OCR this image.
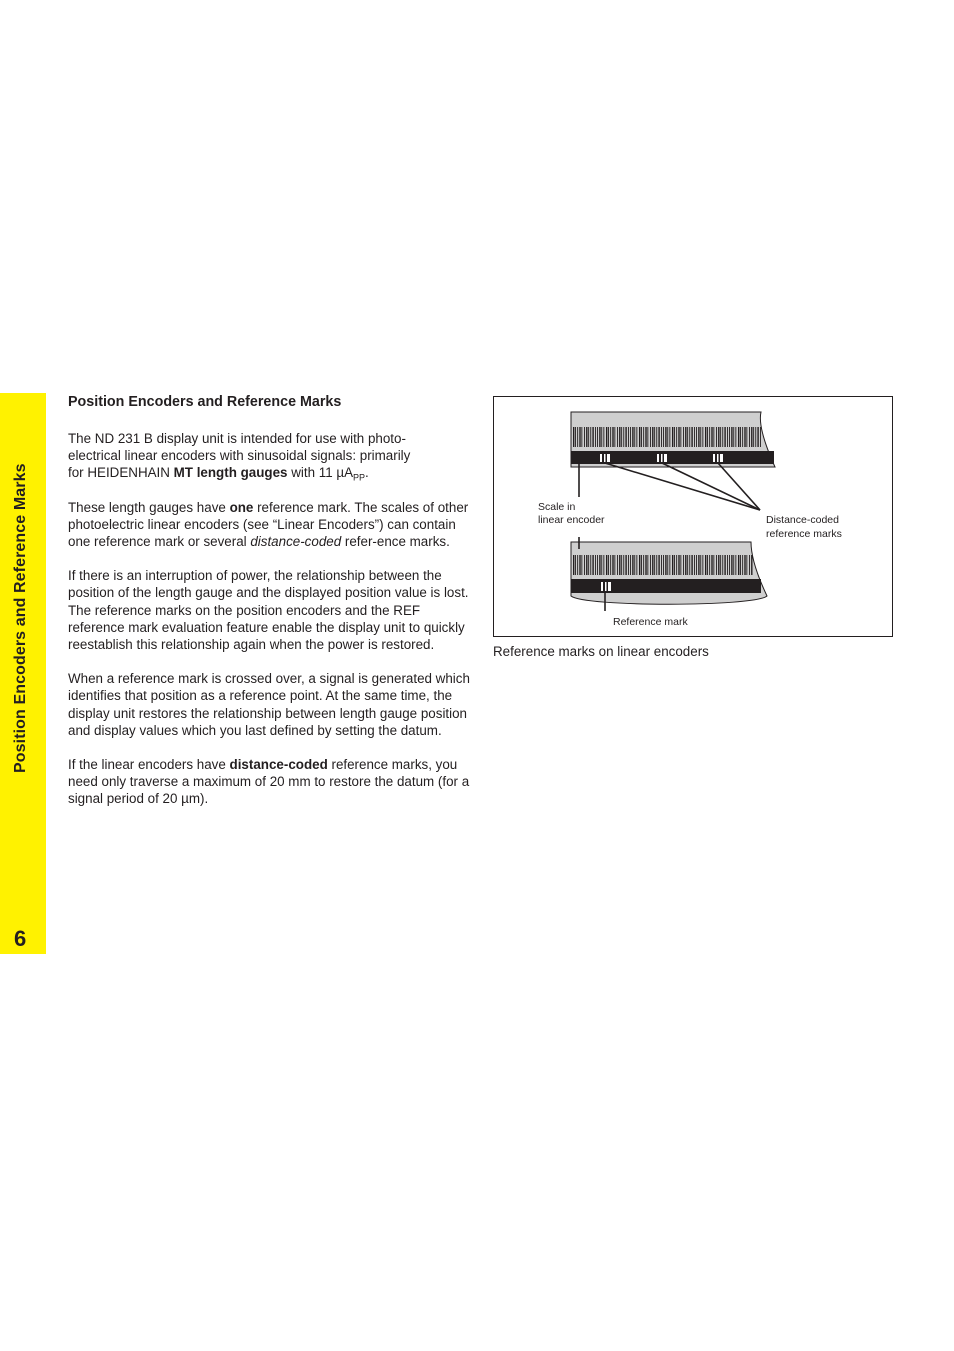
Position Encoders and Reference Marks
6
Position Encoders and Reference Marks

The ND 231 B display unit is intended for use with photo-
electrical linear encoders with sinusoidal signals: primarily
for HEIDENHAIN MT length gauges with 11 µA$_{PP}$.

These length gauges have one reference mark. The scales of other photoelectric linear encoders (see “Linear Encoders”) can contain one reference mark or several distance-coded refer-ence marks.

If there is an interruption of power, the relationship between the position of the length gauge and the displayed position value is lost. The reference marks on the position encoders and the REF reference mark evaluation feature enable the display unit to quickly reestablish this relationship again when the power is restored.

When a reference mark is crossed over, a signal is generated which identifies that position as a reference point. At the same time, the display unit restores the relationship between length gauge position and display values which you last defined by setting the datum.

If the linear encoders have distance-coded reference marks, you need only traverse a maximum of 20 mm to restore the datum (for a signal period of 20 µm).

Scale in
linear encoder	Distance-coded
reference marks
Reference mark
Reference marks on linear encoders
